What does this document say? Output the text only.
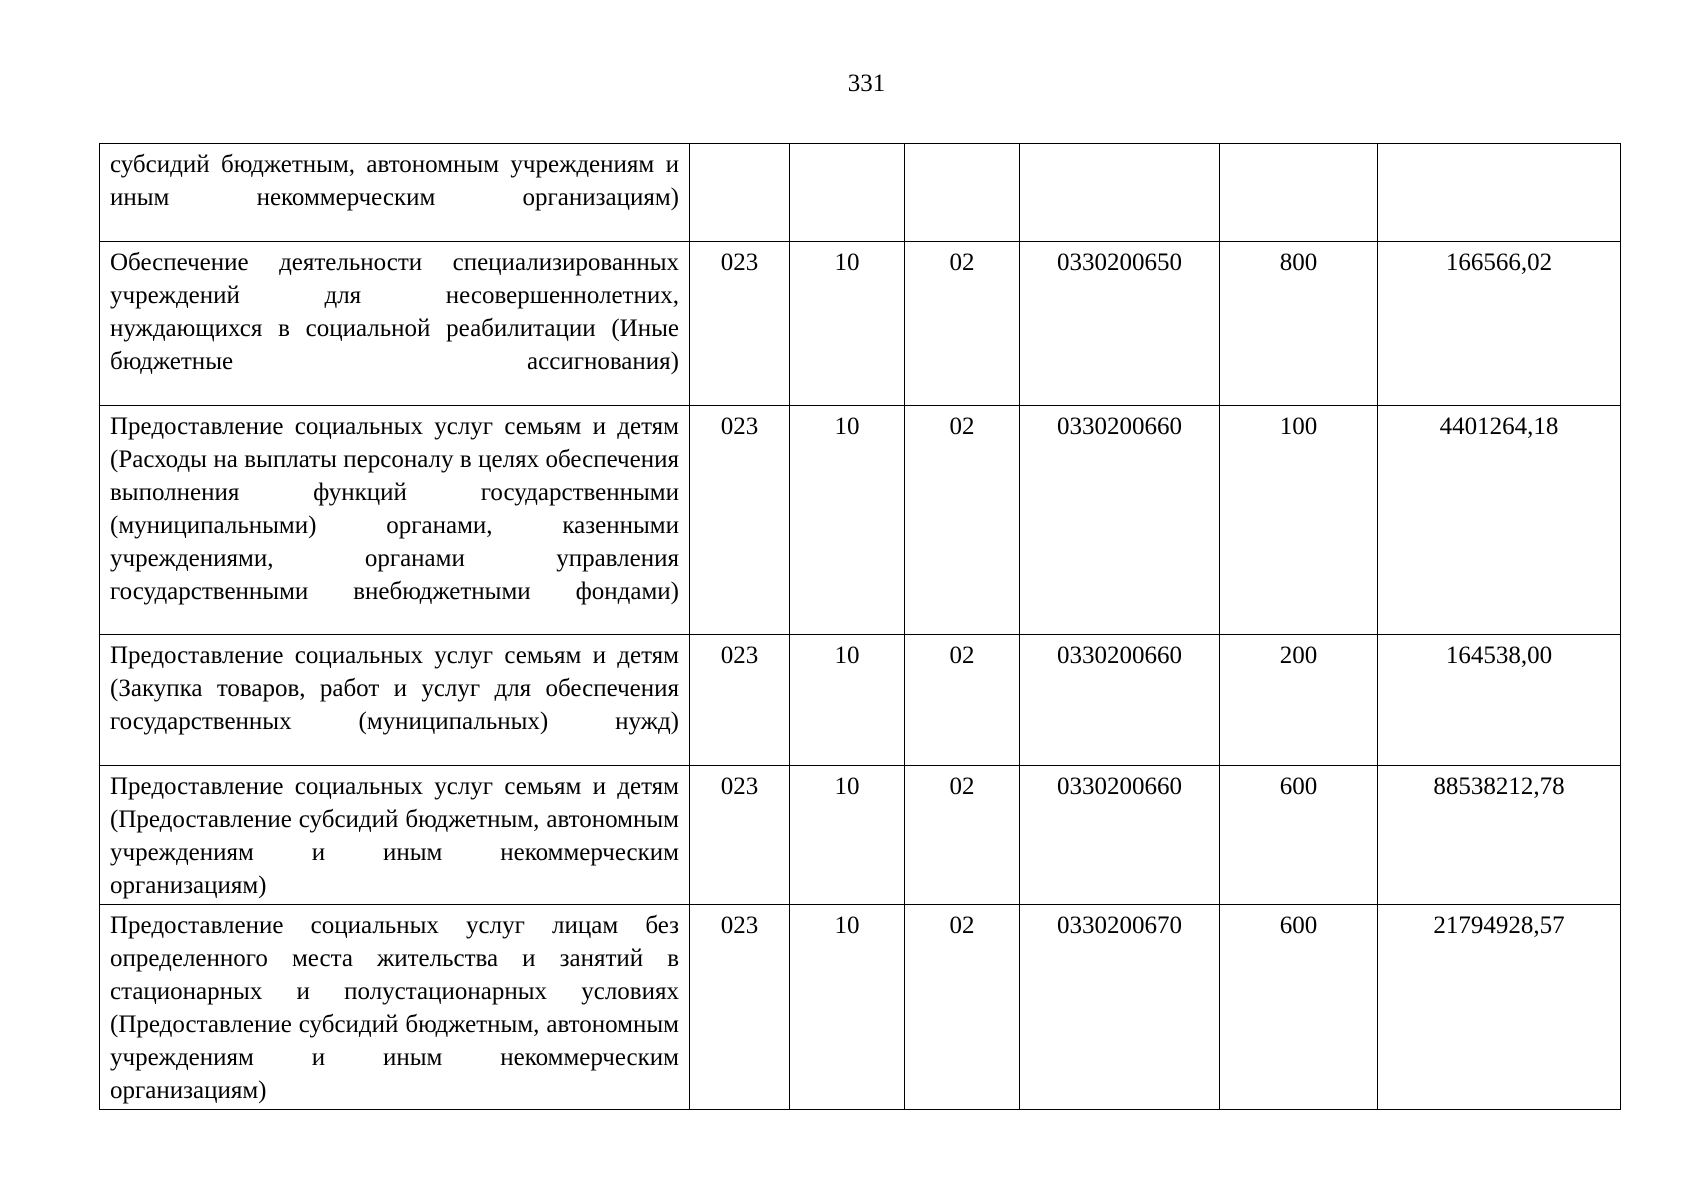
331
субсидий бюджетным, автономным учреждениям и иным некоммерческим организациям)						
Обеспечение деятельности специализированных учреждений для несовершеннолетних, нуждающихся в социальной реабилитации (Иные бюджетные ассигнования)	023	10	02	0330200650	800	166566,02
Предоставление социальных услуг семьям и детям (Расходы на выплаты персоналу в целях обеспечения выполнения функций государственными (муниципальными) органами, казенными учреждениями, органами управления государственными внебюджетными фондами)	023	10	02	0330200660	100	4401264,18
Предоставление социальных услуг семьям и детям (Закупка товаров, работ и услуг для обеспечения государственных (муниципальных) нужд)	023	10	02	0330200660	200	164538,00
Предоставление социальных услуг семьям и детям (Предоставление субсидий бюджетным, автономным учреждениям и иным некоммерческим организациям)	023	10	02	0330200660	600	88538212,78
Предоставление социальных услуг лицам без определенного места жительства и занятий в стационарных и полустационарных условиях (Предоставление субсидий бюджетным, автономным учреждениям и иным некоммерческим организациям)	023	10	02	0330200670	600	21794928,57
